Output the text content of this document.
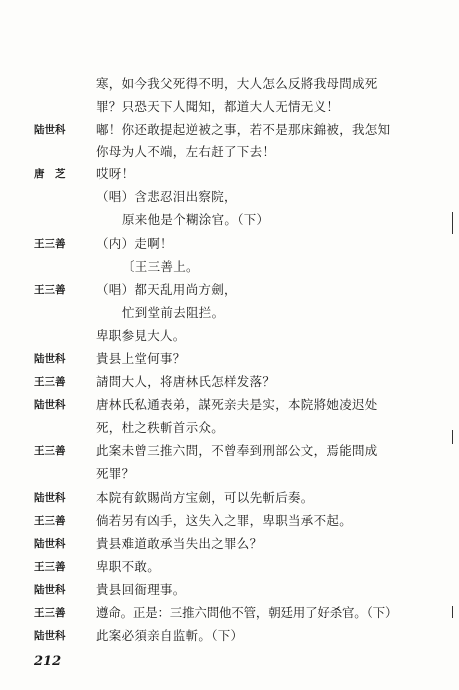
寒，如今我父死得不明，大人怎么反將我母問成死
罪？只恐天下人聞知，都道大人无情无义！
陆世科 嘟！你还敢提起逆被之事，若不是那床錦被，我怎知
你母为人不端，左右赶了下去！
唐　芝 哎呀！
（唱）含悲忍泪出察院，
原来他是个糊涂官。（下）
王三善 （内）走啊！
〔王三善上。
王三善 （唱）都天乱用尚方劍，
忙到堂前去阻拦。
卑职参見大人。
陆世科 貴县上堂何事？
王三善 請問大人，将唐林氏怎样发落？
陆世科 唐林氏私通表弟，謀死亲夫是实，本院將她凌迟处
死，杜之秩斬首示众。
王三善 此案未曾三推六問，不曾奉到刑部公文，焉能問成
死罪？
陆世科 本院有欽賜尚方宝劍，可以先斬后奏。
王三善 倘若另有凶手，这失入之罪，卑职当承不起。
陆世科 貴县难道敢承当失出之罪么？
王三善 卑职不敢。
陆世科 貴县回衙理事。
王三善 遵命。正是：三推六問他不管，朝廷用了好杀官。（下）
陆世科 此案必須亲自监斬。（下）
212
